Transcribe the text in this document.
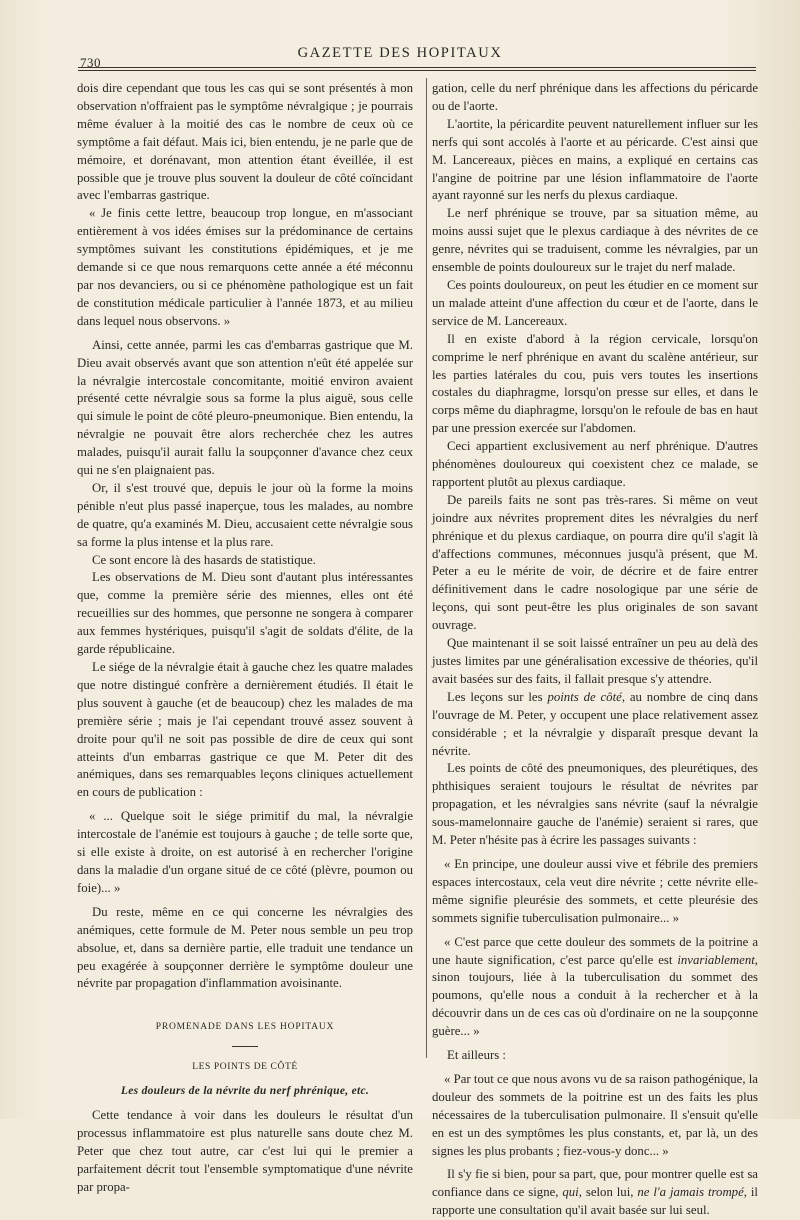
730
GAZETTE DES HOPITAUX

dois dire cependant que tous les cas qui se sont présentés à mon observation n'offraient pas le symptôme névralgique ; je pourrais même évaluer à la moitié des cas le nombre de ceux où ce symptôme a fait défaut. Mais ici, bien entendu, je ne parle que de mémoire, et dorénavant, mon attention étant éveillée, il est possible que je trouve plus souvent la douleur de côté coïncidant avec l'embarras gastrique.

« Je finis cette lettre, beaucoup trop longue, en m'associant entièrement à vos idées émises sur la prédominance de certains symptômes suivant les constitutions épidémiques, et je me demande si ce que nous remarquons cette année a été méconnu par nos devanciers, ou si ce phénomène pathologique est un fait de constitution médicale particulier à l'année 1873, et au milieu dans lequel nous observons. »

Ainsi, cette année, parmi les cas d'embarras gastrique que M. Dieu avait observés avant que son attention n'eût été appelée sur la névralgie intercostale concomitante, moitié environ avaient présenté cette névralgie sous sa forme la plus aiguë, sous celle qui simule le point de côté pleuro-pneumonique. Bien entendu, la névralgie ne pouvait être alors recherchée chez les autres malades, puisqu'il aurait fallu la soupçonner d'avance chez ceux qui ne s'en plaignaient pas.

Or, il s'est trouvé que, depuis le jour où la forme la moins pénible n'eut plus passé inaperçue, tous les malades, au nombre de quatre, qu'a examinés M. Dieu, accusaient cette névralgie sous sa forme la plus intense et la plus rare.

Ce sont encore là des hasards de statistique.

Les observations de M. Dieu sont d'autant plus intéressantes que, comme la première série des miennes, elles ont été recueillies sur des hommes, que personne ne songera à comparer aux femmes hystériques, puisqu'il s'agit de soldats d'élite, de la garde républicaine.

Le siége de la névralgie était à gauche chez les quatre malades que notre distingué confrère a dernièrement étudiés. Il était le plus souvent à gauche (et de beaucoup) chez les malades de ma première série ; mais je l'ai cependant trouvé assez souvent à droite pour qu'il ne soit pas possible de dire de ceux qui sont atteints d'un embarras gastrique ce que M. Peter dit des anémiques, dans ses remarquables leçons cliniques actuellement en cours de publication :

« ... Quelque soit le siége primitif du mal, la névralgie intercostale de l'anémie est toujours à gauche ; de telle sorte que, si elle existe à droite, on est autorisé à en rechercher l'origine dans la maladie d'un organe situé de ce côté (plèvre, poumon ou foie)... »

Du reste, même en ce qui concerne les névralgies des anémiques, cette formule de M. Peter nous semble un peu trop absolue, et, dans sa dernière partie, elle traduit une tendance un peu exagérée à soupçonner derrière le symptôme douleur une névrite par propagation d'inflammation avoisinante.

PROMENADE DANS LES HOPITAUX
LES POINTS DE CÔTÉ
Les douleurs de la névrite du nerf phrénique, etc.

Cette tendance à voir dans les douleurs le résultat d'un processus inflammatoire est plus naturelle sans doute chez M. Peter que chez tout autre, car c'est lui qui le premier a parfaitement décrit tout l'ensemble symptomatique d'une névrite par propa-

gation, celle du nerf phrénique dans les affections du péricarde ou de l'aorte.

L'aortite, la péricardite peuvent naturellement influer sur les nerfs qui sont accolés à l'aorte et au péricarde. C'est ainsi que M. Lancereaux, pièces en mains, a expliqué en certains cas l'angine de poitrine par une lésion inflammatoire de l'aorte ayant rayonné sur les nerfs du plexus cardiaque.

Le nerf phrénique se trouve, par sa situation même, au moins aussi sujet que le plexus cardiaque à des névrites de ce genre, névrites qui se traduisent, comme les névralgies, par un ensemble de points douloureux sur le trajet du nerf malade.

Ces points douloureux, on peut les étudier en ce moment sur un malade atteint d'une affection du cœur et de l'aorte, dans le service de M. Lancereaux.

Il en existe d'abord à la région cervicale, lorsqu'on comprime le nerf phrénique en avant du scalène antérieur, sur les parties latérales du cou, puis vers toutes les insertions costales du diaphragme, lorsqu'on presse sur elles, et dans le corps même du diaphragme, lorsqu'on le refoule de bas en haut par une pression exercée sur l'abdomen.

Ceci appartient exclusivement au nerf phrénique. D'autres phénomènes douloureux qui coexistent chez ce malade, se rapportent plutôt au plexus cardiaque.

De pareils faits ne sont pas très-rares. Si même on veut joindre aux névrites proprement dites les névralgies du nerf phrénique et du plexus cardiaque, on pourra dire qu'il s'agit là d'affections communes, méconnues jusqu'à présent, que M. Peter a eu le mérite de voir, de décrire et de faire entrer définitivement dans le cadre nosologique par une série de leçons, qui sont peut-être les plus originales de son savant ouvrage.

Que maintenant il se soit laissé entraîner un peu au delà des justes limites par une généralisation excessive de théories, qu'il avait basées sur des faits, il fallait presque s'y attendre.

Les leçons sur les points de côté, au nombre de cinq dans l'ouvrage de M. Peter, y occupent une place relativement assez considérable ; et la névralgie y disparaît presque devant la névrite.

Les points de côté des pneumoniques, des pleurétiques, des phthisiques seraient toujours le résultat de névrites par propagation, et les névralgies sans névrite (sauf la névralgie sous-mamelonnaire gauche de l'anémie) seraient si rares, que M. Peter n'hésite pas à écrire les passages suivants :

« En principe, une douleur aussi vive et fébrile des premiers espaces intercostaux, cela veut dire névrite ; cette névrite elle-même signifie pleurésie des sommets, et cette pleurésie des sommets signifie tuberculisation pulmonaire... »

« C'est parce que cette douleur des sommets de la poitrine a une haute signification, c'est parce qu'elle est invariablement, sinon toujours, liée à la tuberculisation du sommet des poumons, qu'elle nous a conduit à la rechercher et à la découvrir dans un de ces cas où d'ordinaire on ne la soupçonne guère... »

Et ailleurs :

« Par tout ce que nous avons vu de sa raison pathogénique, la douleur des sommets de la poitrine est un des faits les plus nécessaires de la tuberculisation pulmonaire. Il s'ensuit qu'elle en est un des symptômes les plus constants, et, par là, un des signes les plus probants ; fiez-vous-y donc... »

Il s'y fie si bien, pour sa part, que, pour montrer quelle est sa confiance dans ce signe, qui, selon lui, ne l'a jamais trompé, il rapporte une consultation qu'il avait basée sur lui seul.
